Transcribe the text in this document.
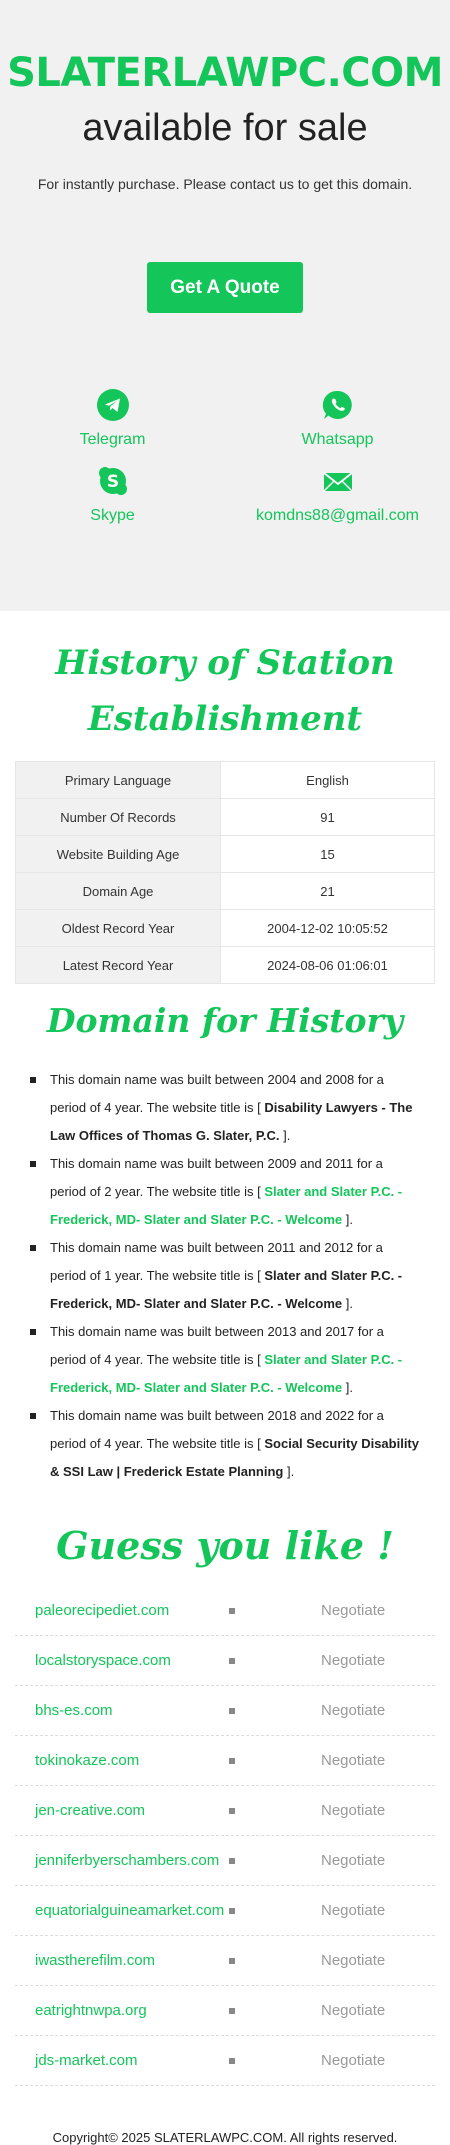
SLATERLAWPC.COM
available for sale

For instantly purchase. Please contact us to get this domain.

Get A Quote
Telegram	Whatsapp
S
Skype	komdns88@gmail.com
History of Station Establishment
Primary Language	English
Number Of Records	91
Website Building Age	15
Domain Age	21
Oldest Record Year	2004-12-02 10:05:52
Latest Record Year	2024-08-06 01:06:01
Domain for History
This domain name was built between 2004 and 2008 for a period of 4 year. The website title is [ Disability Lawyers - The Law Offices of Thomas G. Slater, P.C. ].
This domain name was built between 2009 and 2011 for a period of 2 year. The website title is [ Slater and Slater P.C. - Frederick, MD- Slater and Slater P.C. - Welcome ].
This domain name was built between 2011 and 2012 for a period of 1 year. The website title is [ Slater and Slater P.C. - Frederick, MD- Slater and Slater P.C. - Welcome ].
This domain name was built between 2013 and 2017 for a period of 4 year. The website title is [ Slater and Slater P.C. - Frederick, MD- Slater and Slater P.C. - Welcome ].
This domain name was built between 2018 and 2022 for a period of 4 year. The website title is [ Social Security Disability & SSI Law | Frederick Estate Planning ].
Guess you like !
paleorecipediet.com	Negotiate
localstoryspace.com	Negotiate
bhs-es.com	Negotiate
tokinokaze.com	Negotiate
jen-creative.com	Negotiate
jenniferbyerschambers.com	Negotiate
equatorialguineamarket.com	Negotiate
iwastherefilm.com	Negotiate
eatrightnwpa.org	Negotiate
jds-market.com	Negotiate
Copyright© 2025 SLATERLAWPC.COM. All rights reserved.
